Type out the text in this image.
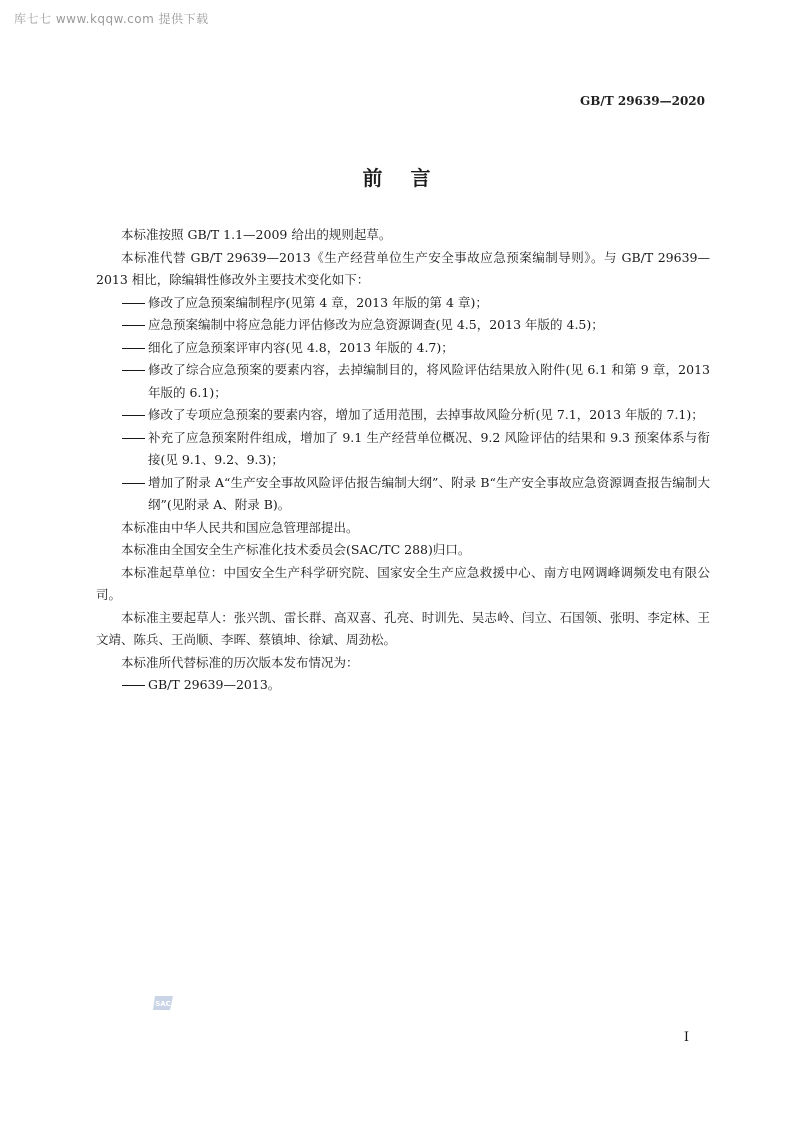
库七七 www.kqqw.com 提供下载
GB/T 29639—2020
前言

本标准按照 GB/T 1.1—2009 给出的规则起草。

本标准代替 GB/T 29639—2013《生产经营单位生产安全事故应急预案编制导则》。与 GB/T 29639—2013 相比，除编辑性修改外主要技术变化如下：

修改了应急预案编制程序(见第 4 章，2013 年版的第 4 章)；

应急预案编制中将应急能力评估修改为应急资源调查(见 4.5，2013 年版的 4.5)；

细化了应急预案评审内容(见 4.8，2013 年版的 4.7)；

修改了综合应急预案的要素内容，去掉编制目的，将风险评估结果放入附件(见 6.1 和第 9 章，2013 年版的 6.1)；

修改了专项应急预案的要素内容，增加了适用范围，去掉事故风险分析(见 7.1，2013 年版的 7.1)；

补充了应急预案附件组成，增加了 9.1 生产经营单位概况、9.2 风险评估的结果和 9.3 预案体系与衔接(见 9.1、9.2、9.3)；

增加了附录 A“生产安全事故风险评估报告编制大纲”、附录 B“生产安全事故应急资源调查报告编制大纲”(见附录 A、附录 B)。

本标准由中华人民共和国应急管理部提出。

本标准由全国安全生产标准化技术委员会(SAC/TC 288)归口。

本标准起草单位：中国安全生产科学研究院、国家安全生产应急救援中心、南方电网调峰调频发电有限公司。

本标准主要起草人：张兴凯、雷长群、高双喜、孔亮、时训先、吴志岭、闫立、石国领、张明、李定林、王文靖、陈兵、王尚顺、李晖、蔡镇坤、徐斌、周劲松。

本标准所代替标准的历次版本发布情况为：

GB/T 29639—2013。

SAC
I
